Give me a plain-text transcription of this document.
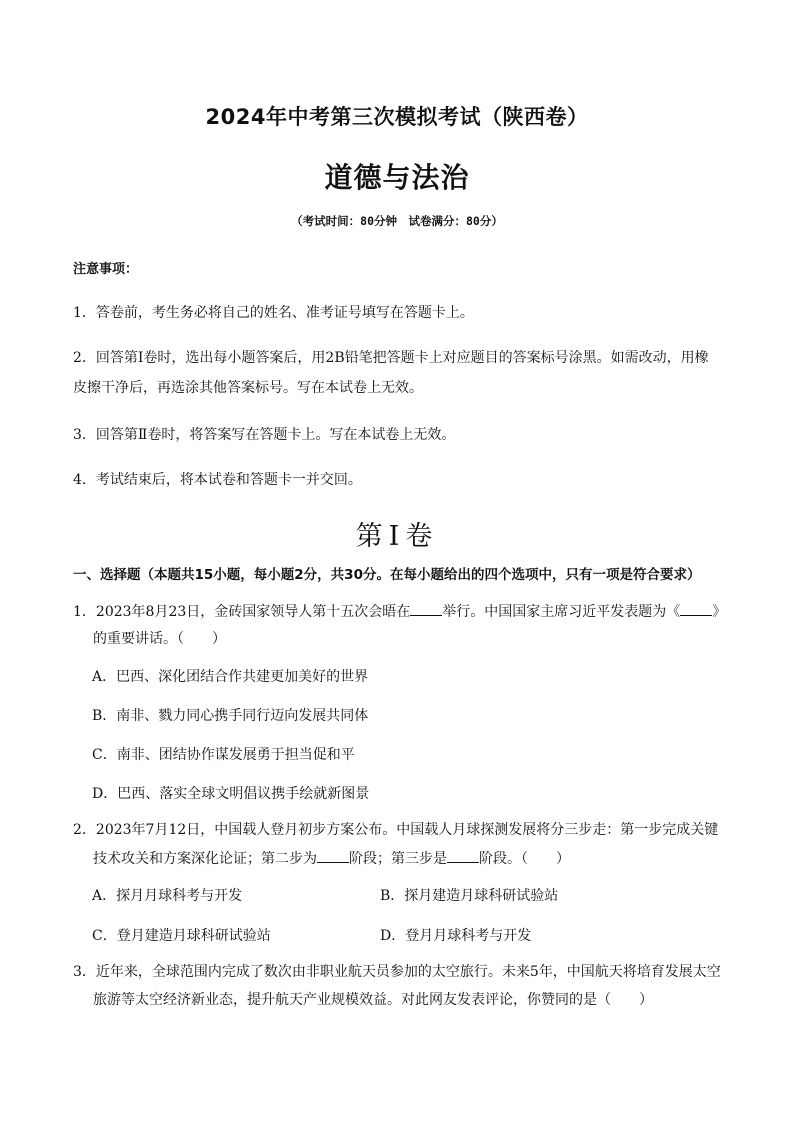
2024年中考第三次模拟考试（陕西卷）
道德与法治
（考试时间：80分钟　试卷满分：80分）
注意事项：
1．答卷前，考生务必将自己的姓名、准考证号填写在答题卡上。
2．回答第Ⅰ卷时，选出每小题答案后，用2B铅笔把答题卡上对应题目的答案标号涂黑。如需改动，用橡
皮擦干净后，再选涂其他答案标号。写在本试卷上无效。
3．回答第Ⅱ卷时，将答案写在答题卡上。写在本试卷上无效。
4．考试结束后，将本试卷和答题卡一并交回。
第Ⅰ卷
一、选择题（本题共15小题，每小题2分，共30分。在每小题给出的四个选项中，只有一项是符合要求）
1．2023年8月23日，金砖国家领导人第十五次会晤在 举行。中国国家主席习近平发表题为《 》
的重要讲话。（　　）
A．巴西、深化团结合作共建更加美好的世界
B．南非、戮力同心携手同行迈向发展共同体
C．南非、团结协作谋发展勇于担当促和平
D．巴西、落实全球文明倡议携手绘就新图景
2．2023年7月12日，中国载人登月初步方案公布。中国载人月球探测发展将分三步走：第一步完成关键
技术攻关和方案深化论证；第二步为 阶段；第三步是 阶段。（　　）
A．探月月球科考与开发	B．探月建造月球科研试验站
C．登月建造月球科研试验站	D．登月月球科考与开发
3．近年来，全球范围内完成了数次由非职业航天员参加的太空旅行。未来5年，中国航天将培育发展太空
旅游等太空经济新业态，提升航天产业规模效益。对此网友发表评论，你赞同的是（　　）
